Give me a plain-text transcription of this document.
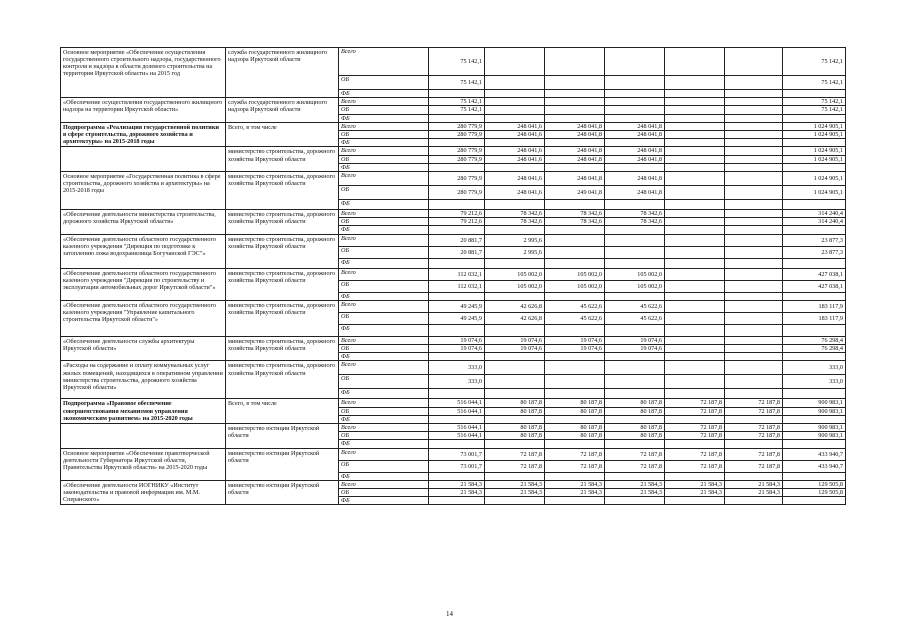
Основное мероприятие «Обеспечение осуществления государственного строительного надзора, государственного контроля и надзора в области долевого строительства на территории Иркутской области» на 2015 год	служба государственного жилищного надзора Иркутской области	Всего	75 142,1						75 142,1
		ОБ	75 142,1						75 142,1
		ФБ							
«Обеспечение осуществления государственного жилищного надзора на территории Иркутской области»	служба государственного жилищного надзора Иркутской области	Всего	75 142,1						75 142,1
		ОБ	75 142,1						75 142,1
		ФБ							
Подпрограмма «Реализация государственной политики в сфере строительства, дорожного хозяйства и архитектуры» на 2015-2018 годы	Всего, в том числе	Всего	280 779,9	248 041,6	248 041,8	248 041,8			1 024 905,1
		ОБ	280 779,9	248 041,6	248 041,8	248 041,8			1 024 905,1
		ФБ							
	министерство строительства, дорожного хозяйства Иркутской области	Всего	280 779,9	248 041,6	248 041,8	248 041,8			1 024 905,1
		ОБ	280 779,9	248 041,6	248 041,8	248 041,8			1 024 905,1
		ФБ							
Основное мероприятие «Государственная политика в сфере строительства, дорожного хозяйства и архитектуры» на 2015-2018 годы	министерство строительства, дорожного хозяйства Иркутской области	Всего	280 779,9	248 041,6	248 041,8	248 041,8			1 024 905,1
		ОБ	280 779,9	248 041,6	249 041,8	248 041,8			1 024 905,1
		ФБ							
«Обеспечение деятельности министерства строительства, дорожного хозяйства Иркутской области»	министерство строительства, дорожного хозяйства Иркутской области	Всего	79 212,6	78 342,6	78 342,6	78 342,6			314 240,4
		ОБ	79 212,6	78 342,6	78 342,6	78 342,6			314 240,4
		ФБ							
«Обеспечение деятельности областного государственного казенного учреждения "Дирекция по подготовке к затоплению ложа водохранилища Богучанской ГЭС"»	министерство строительства, дорожного хозяйства Иркутской области	Всего	20 881,7	2 995,6					23 877,3
		ОБ	20 881,7	2 995,6					23 877,3
		ФБ							
«Обеспечение деятельности областного государственного казенного учреждения "Дирекция по строительству и эксплуатации автомобильных дорог Иркутской области"»	министерство строительства, дорожного хозяйства Иркутской области	Всего	112 032,1	105 002,0	105 002,0	105 002,0			427 038,1
		ОБ	112 032,1	105 002,0	105 002,0	105 002,0			427 038,1
		ФБ							
«Обеспечение деятельности областного государственного казенного учреждения "Управление капитального строительства Иркутской области"»	министерство строительства, дорожного хозяйства Иркутской области	Всего	49 245,9	42 626,8	45 622,6	45 622,6			183 117,9
		ОБ	49 245,9	42 626,8	45 622,6	45 622,6			183 117,9
		ФБ							
«Обеспечение деятельности службы архитектуры Иркутской области»	министерство строительства, дорожного хозяйства Иркутской области	Всего	19 074,6	19 074,6	19 074,6	19 074,6			76 298,4
		ОБ	19 074,6	19 074,6	19 074,6	19 074,6			76 298,4
		ФБ							
«Расходы на содержание и оплату коммунальных услуг жилых помещений, находящихся в оперативном управлении министерства строительства, дорожного хозяйства Иркутской области»	министерство строительства, дорожного хозяйства Иркутской области	Всего	333,0						333,0
		ОБ	333,0						333,0
		ФБ							
Подпрограмма «Правовое обеспечение совершенствования механизмов управления экономическим развитием» на 2015-2020 годы	Всего, в том числе	Всего	516 044,1	80 187,8	80 187,8	80 187,8	72 187,8	72 187,8	900 983,1
		ОБ	516 044,1	80 187,8	80 187,8	80 187,8	72 187,8	72 187,8	900 983,1
		ФБ							
	министерство юстиции Иркутской области	Всего	516 044,1	80 187,8	80 187,8	80 187,8	72 187,8	72 187,8	900 983,1
		ОБ	516 044,1	80 187,8	80 187,8	80 187,8	72 187,8	72 187,8	900 983,1
		ФБ							
Основное мероприятие «Обеспечение правотворческой деятельности Губернатора Иркутской области, Правительства Иркутской области» на 2015-2020 годы	министерство юстиции Иркутской области	Всего	73 001,7	72 187,8	72 187,8	72 187,8	72 187,8	72 187,8	433 940,7
		ОБ	73 001,7	72 187,8	72 187,8	72 187,8	72 187,8	72 187,8	433 940,7
		ФБ							
«Обеспечение деятельности ИОГНИКУ «Институт законодательства и правовой информации им. М.М. Сперанского»	министерство юстиции Иркутской области	Всего	21 584,3	21 584,3	21 584,3	21 584,3	21 584,3	21 584,3	129 505,8
		ОБ	21 584,3	21 584,3	21 584,3	21 584,3	21 584,3	21 584,3	129 505,8
		ФБ							
14
